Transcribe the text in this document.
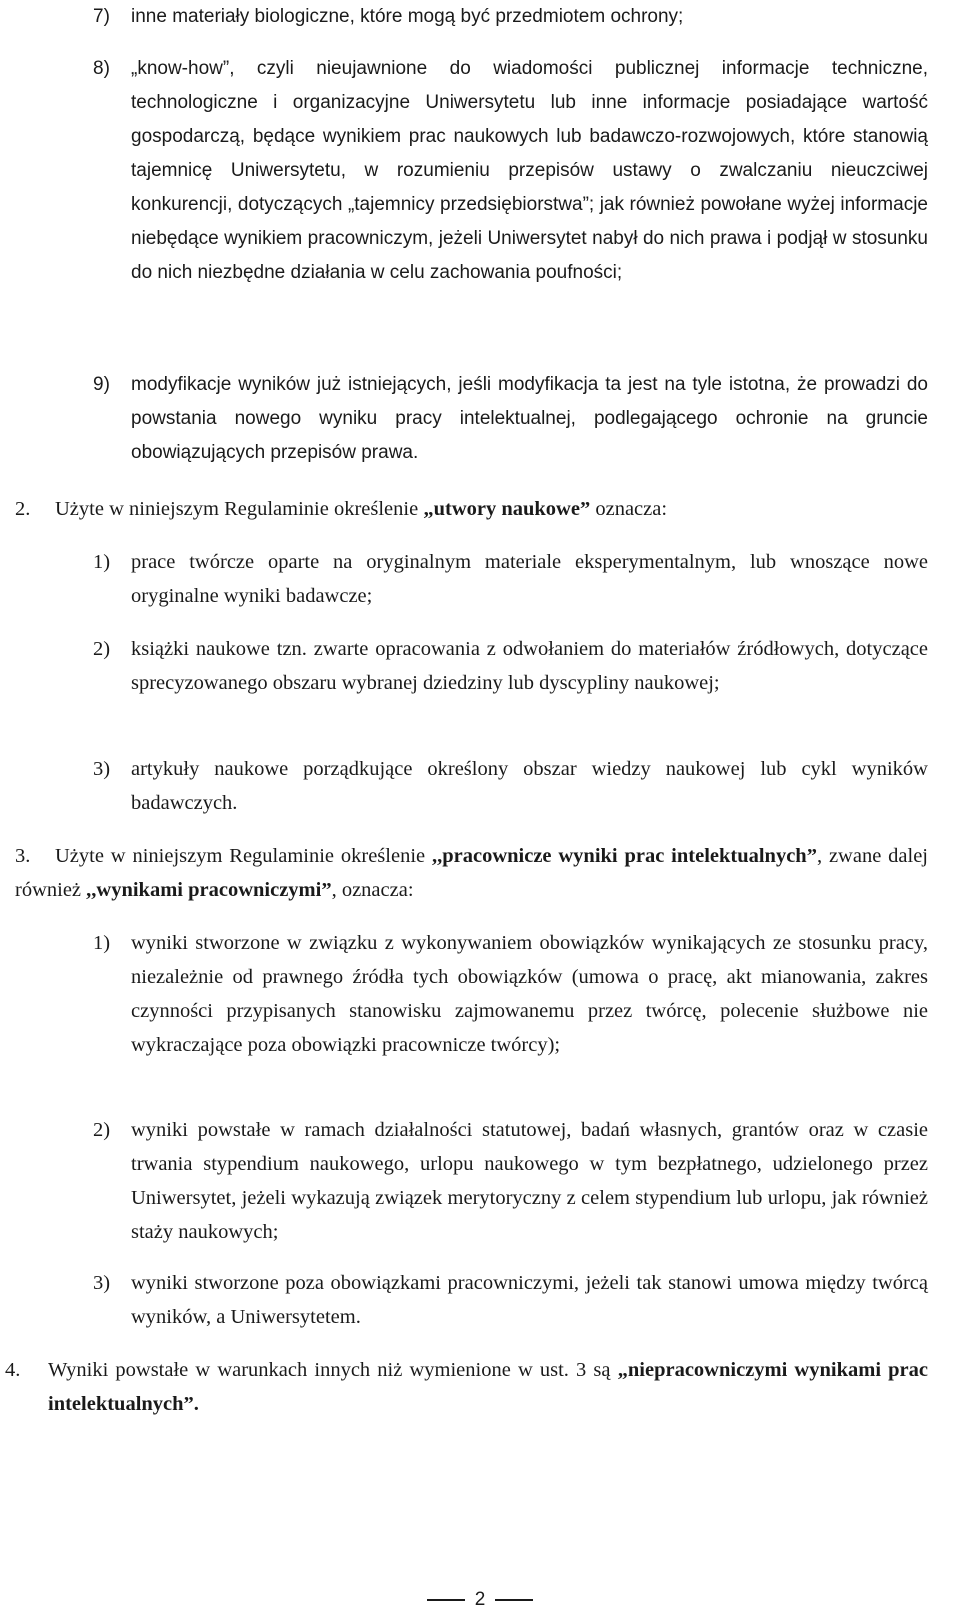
7)	inne materiały biologiczne, które mogą być przedmiotem ochrony;
8)	„know-how”, czyli nieujawnione do wiadomości publicznej informacje techniczne, technologiczne i organizacyjne Uniwersytetu lub inne informacje posiadające wartość gospodarczą, będące wynikiem prac naukowych lub badawczo-rozwojowych, które stanowią tajemnicę Uniwersytetu, w rozumieniu przepisów ustawy o zwalczaniu nieuczciwej konkurencji, dotyczących „tajemnicy przedsiębiorstwa”; jak również powołane wyżej informacje niebędące wynikiem pracowniczym, jeżeli Uniwersytet nabył do nich prawa i podjął w stosunku do nich niezbędne działania w celu zachowania poufności;
9)	modyfikacje wyników już istniejących, jeśli modyfikacja ta jest na tyle istotna, że prowadzi do powstania nowego wyniku pracy intelektualnej, podlegającego ochronie na gruncie obowiązujących przepisów prawa.
2.	Użyte w niniejszym Regulaminie określenie „utwory naukowe” oznacza:
1)	prace twórcze oparte na oryginalnym materiale eksperymentalnym, lub wnoszące nowe oryginalne wyniki badawcze;
2)	książki naukowe tzn. zwarte opracowania z odwołaniem do materiałów źródłowych, dotyczące sprecyzowanego obszaru wybranej dziedziny lub dyscypliny naukowej;
3)	artykuły naukowe porządkujące określony obszar wiedzy naukowej lub cykl wyników badawczych.
3.	Użyte w niniejszym Regulaminie określenie ,,pracownicze wyniki prac intelektualnych”, zwane dalej również ,,wynikami pracowniczymi”, oznacza:
1)	wyniki stworzone w związku z wykonywaniem obowiązków wynikających ze stosunku pracy, niezależnie od prawnego źródła tych obowiązków (umowa o pracę, akt mianowania, zakres czynności przypisanych stanowisku zajmowanemu przez twórcę, polecenie służbowe nie wykraczające poza obowiązki pracownicze twórcy);
2)	wyniki powstałe w ramach działalności statutowej, badań własnych, grantów oraz w czasie trwania stypendium naukowego, urlopu naukowego w tym bezpłatnego, udzielonego przez Uniwersytet, jeżeli wykazują związek merytoryczny z celem stypendium lub urlopu, jak również staży naukowych;
3)	wyniki stworzone poza obowiązkami pracowniczymi, jeżeli tak stanowi umowa między twórcą wyników, a Uniwersytetem.
4.	Wyniki powstałe w warunkach innych niż wymienione w ust. 3 są „niepracowniczymi wynikami prac intelektualnych”.
2
